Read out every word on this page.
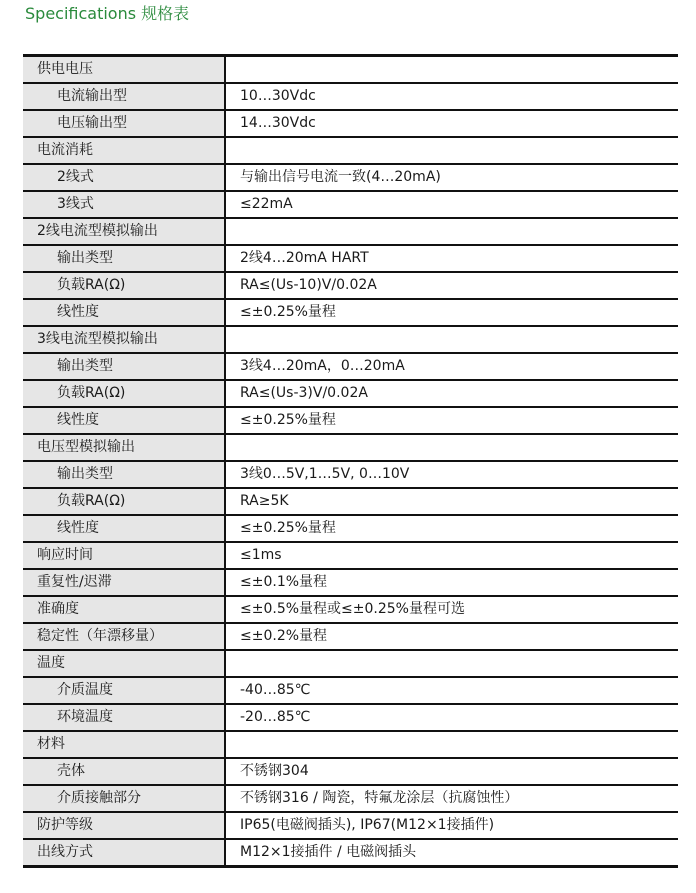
Specifications 规格表
供电电压	
电流输出型	10…30Vdc
电压输出型	14…30Vdc
电流消耗	
2线式	与输出信号电流一致(4…20mA)
3线式	≤22mA
2线电流型模拟输出	
输出类型	2线4…20mA HART
负载RA(Ω)	RA≤(Us-10)V/0.02A
线性度	≤±0.25%量程
3线电流型模拟输出	
输出类型	3线4…20mA，0…20mA
负载RA(Ω)	RA≤(Us-3)V/0.02A
线性度	≤±0.25%量程
电压型模拟输出	
输出类型	3线0…5V,1…5V, 0…10V
负载RA(Ω)	RA≥5K
线性度	≤±0.25%量程
响应时间	≤1ms
重复性/迟滞	≤±0.1%量程
准确度	≤±0.5%量程或≤±0.25%量程可选
稳定性（年漂移量）	≤±0.2%量程
温度	
介质温度	-40…85℃
环境温度	-20…85℃
材料	
壳体	不锈钢304
介质接触部分	不锈钢316 / 陶瓷，特氟龙涂层（抗腐蚀性）
防护等级	IP65(电磁阀插头), IP67(M12×1接插件)
出线方式	M12×1接插件 / 电磁阀插头
